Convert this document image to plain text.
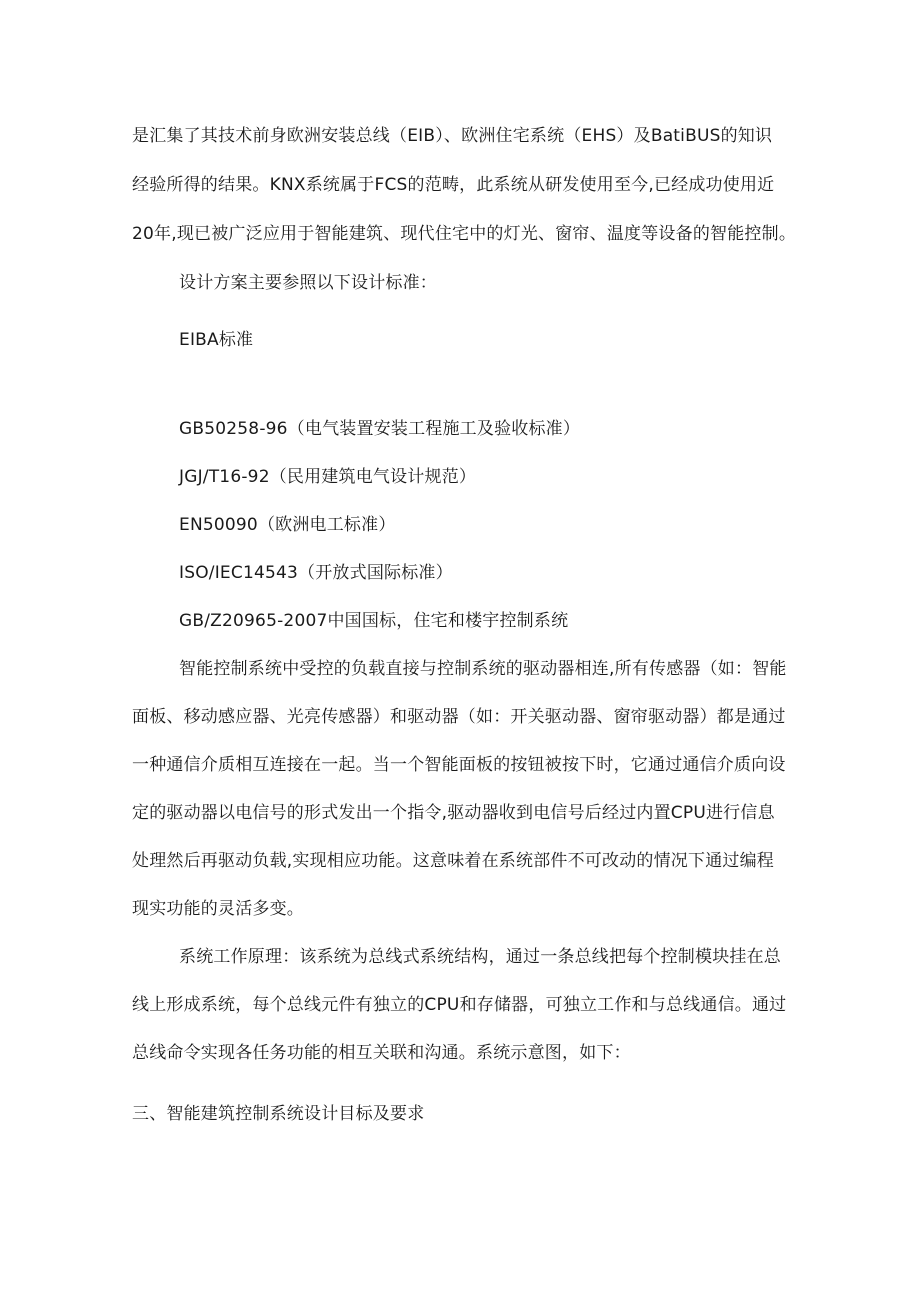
是汇集了其技术前身欧洲安装总线（EIB）、欧洲住宅系统（EHS）及BatiBUS的知识
经验所得的结果。KNX系统属于FCS的范畴，此系统从研发使用至今,已经成功使用近
20年,现已被广泛应用于智能建筑、现代住宅中的灯光、窗帘、温度等设备的智能控制。
设计方案主要参照以下设计标准：
EIBA标准
GB50258-96（电气装置安装工程施工及验收标准）
JGJ/T16-92（民用建筑电气设计规范）
EN50090（欧洲电工标准）
ISO/IEC14543（开放式国际标准）
GB/Z20965-2007中国国标，住宅和楼宇控制系统
智能控制系统中受控的负载直接与控制系统的驱动器相连,所有传感器（如：智能
面板、移动感应器、光亮传感器）和驱动器（如：开关驱动器、窗帘驱动器）都是通过
一种通信介质相互连接在一起。当一个智能面板的按钮被按下时，它通过通信介质向设
定的驱动器以电信号的形式发出一个指令,驱动器收到电信号后经过内置CPU进行信息
处理然后再驱动负载,实现相应功能。这意味着在系统部件不可改动的情况下通过编程
现实功能的灵活多变。
系统工作原理：该系统为总线式系统结构，通过一条总线把每个控制模块挂在总
线上形成系统，每个总线元件有独立的CPU和存储器，可独立工作和与总线通信。通过
总线命令实现各任务功能的相互关联和沟通。系统示意图，如下：
三、智能建筑控制系统设计目标及要求
